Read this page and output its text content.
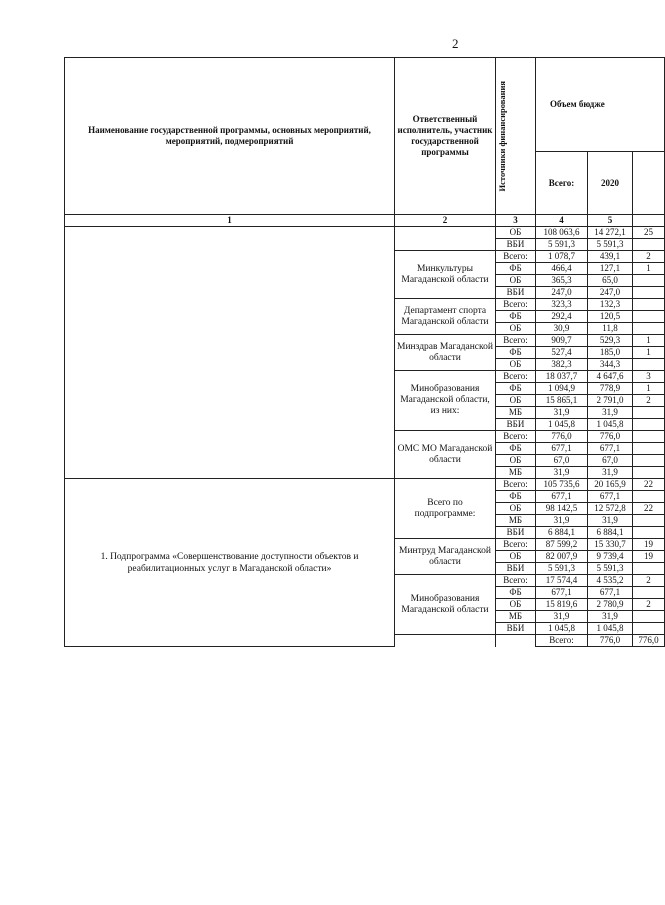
2
Наименование государственной программы, основных мероприятий, мероприятий, подмероприятий	Ответственный исполнитель, участник государственной программы	Источники финансирования	Объем бюдже			
			Всего:	2020		
1	2	3	4	5		
		ОБ	108 063,6	14 272,1	25	
		ВБИ	5 591,3	5 591,3		
	Минкультуры Магаданской области	Всего:	1 078,7	439,1	2	
		ФБ	466,4	127,1	1	
		ОБ	365,3	65,0		
		ВБИ	247,0	247,0		
	Департамент спорта Магаданской области	Всего:	323,3	132,3		
		ФБ	292,4	120,5		
		ОБ	30,9	11,8		
	Минздрав Магаданской области	Всего:	909,7	529,3	1	
		ФБ	527,4	185,0	1	
		ОБ	382,3	344,3		
	Минобразования Магаданской области, из них:	Всего:	18 037,7	4 647,6	3	
		ФБ	1 094,9	778,9	1	
		ОБ	15 865,1	2 791,0	2	
		МБ	31,9	31,9		
		ВБИ	1 045,8	1 045,8		
	ОМС МО Магаданской области	Всего:	776,0	776,0		
		ФБ	677,1	677,1		
		ОБ	67,0	67,0		
		МБ	31,9	31,9		
1. Подпрограмма «Совершенствование доступности объектов и реабилитационных услуг в Магаданской области»	Всего по подпрограмме:	Всего:	105 735,6	20 165,9	22	
		ФБ	677,1	677,1		
		ОБ	98 142,5	12 572,8	22	
		МБ	31,9	31,9		
		ВБИ	6 884,1	6 884,1		
	Минтруд Магаданской области	Всего:	87 599,2	15 330,7	19	
		ОБ	82 007,9	9 739,4	19	
		ВБИ	5 591,3	5 591,3		
	Минобразования Магаданской области	Всего:	17 574,4	4 535,2	2	
		ФБ	677,1	677,1		
		ОБ	15 819,6	2 780,9	2	
		МБ	31,9	31,9		
		ВБИ	1 045,8	1 045,8		
			Всего:	776,0	776,0	
